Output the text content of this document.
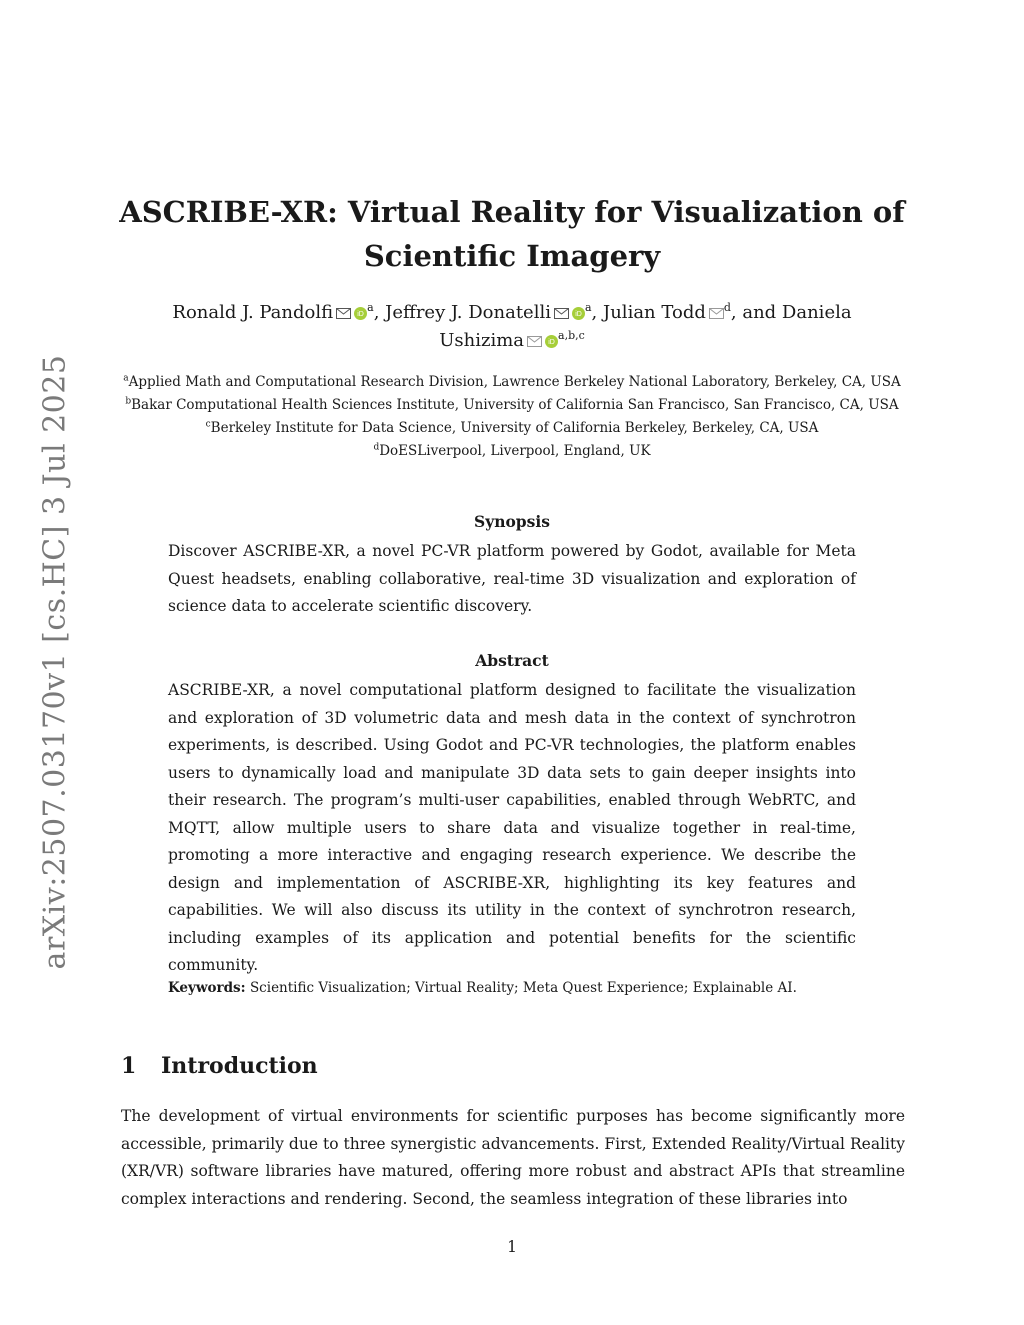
arXiv:2507.03170v1 [cs.HC] 3 Jul 2025
ASCRIBE-XR: Virtual Reality for Visualization of
Scientific Imagery
Ronald J. Pandolfi	iD
$^a$, Jeffrey J. Donatelli	iD
$^a$, Julian Todd $^d$, and Daniela
Ushizima	iD
$^{a,b,c}$
$^a$Applied Math and Computational Research Division, Lawrence Berkeley National Laboratory, Berkeley, CA, USA
$^b$Bakar Computational Health Sciences Institute, University of California San Francisco, San Francisco, CA, USA
$^c$Berkeley Institute for Data Science, University of California Berkeley, Berkeley, CA, USA
$^d$DoESLiverpool, Liverpool, England, UK
Synopsis
Discover ASCRIBE-XR, a novel PC-VR platform powered by Godot, available for Meta Quest headsets, enabling collaborative, real-time 3D visualization and exploration of science data to accelerate scientific discovery.
Abstract
ASCRIBE-XR, a novel computational platform designed to facilitate the visualization and exploration of 3D volumetric data and mesh data in the context of synchrotron experiments, is described. Using Godot and PC-VR technologies, the platform enables users to dynamically load and manipulate 3D data sets to gain deeper insights into their research. The program’s multi-user capabilities, enabled through WebRTC, and MQTT, allow multiple users to share data and visualize together in real-time, promoting a more interactive and engaging research experience. We describe the design and implementation of ASCRIBE-XR, highlighting its key features and capabilities. We will also discuss its utility in the context of synchrotron research, including examples of its application and potential benefits for the scientific community.
Keywords: Scientific Visualization; Virtual Reality; Meta Quest Experience; Explainable AI.
1 Introduction
The development of virtual environments for scientific purposes has become significantly more accessible, primarily due to three synergistic advancements. First, Extended Reality/Virtual Reality (XR/VR) software libraries have matured, offering more robust and abstract APIs that streamline complex interactions and rendering. Second, the seamless integration of these libraries into
1
